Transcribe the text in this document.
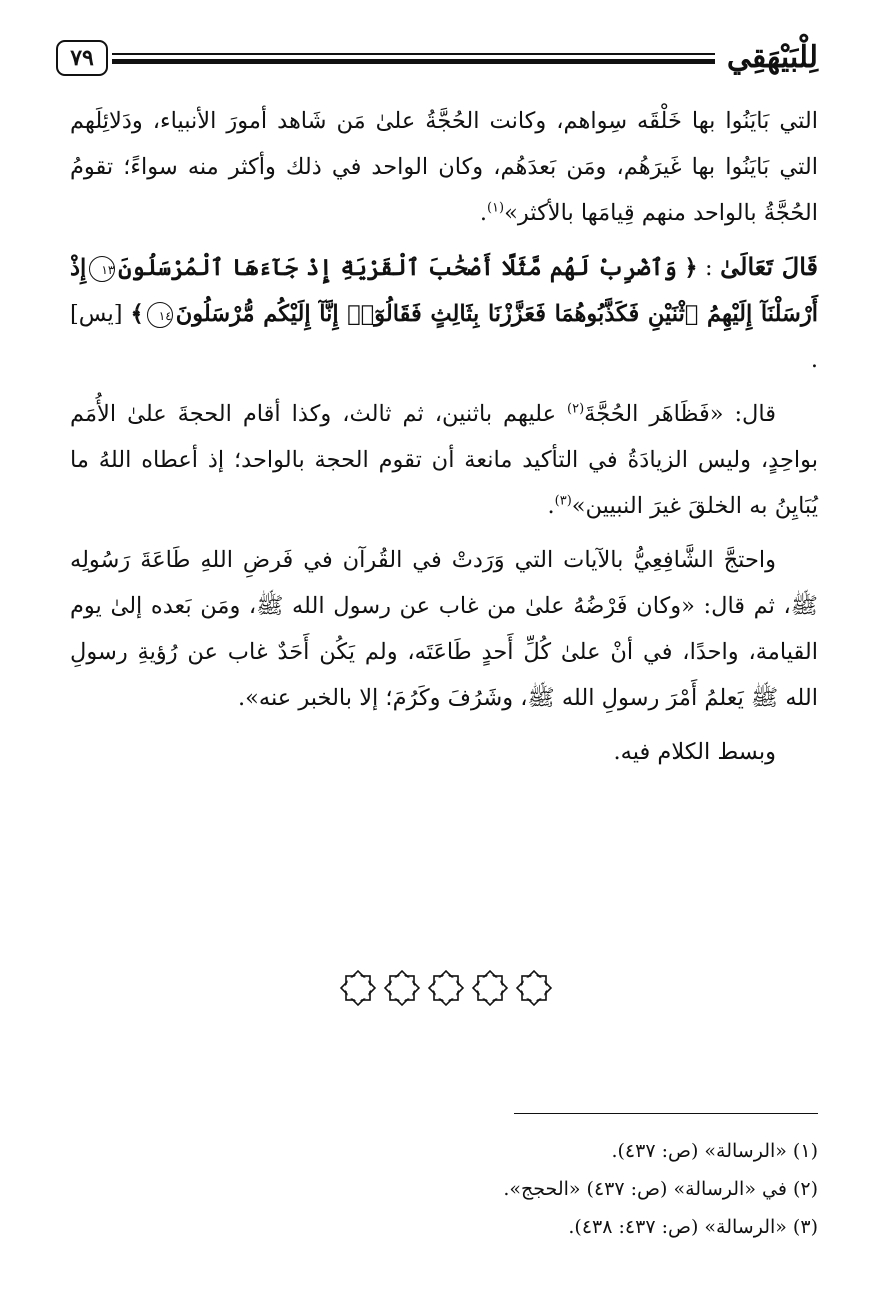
لِلْبَيْهَقِي
٧٩

التي بَايَنُوا بها خَلْقَه سِواهم، وكانت الحُجَّةُ علىٰ مَن شَاهد أمورَ الأنبياء، ودَلائِلَهم التي بَايَنُوا بها غَيرَهُم، ومَن بَعدَهُم، وكان الواحد في ذلك وأكثر منه سواءً؛ تقومُ الحُجَّةُ بالواحد منهم قِيامَها بالأكثر»$^{(١)}$.

قَالَ تَعَالَىٰ : ﴿ وَٱضْرِبْ لَهُم مَّثَلًا أَصْحَٰبَ ٱلْقَرْيَةِ إِذْ جَآءَهَا ٱلْمُرْسَلُونَ١٣إِذْ أَرْسَلْنَآ إِلَيْهِمُ ٱثْنَيْنِ فَكَذَّبُوهُمَا فَعَزَّزْنَا بِثَالِثٍ فَقَالُوٓا۟ إِنَّآ إِلَيْكُم مُّرْسَلُونَ١٤﴾ [يس] .

قال: «فَظَاهَر الحُجَّةَ$^{(٢)}$ عليهم باثنين، ثم ثالث، وكذا أقام الحجةَ علىٰ الأُمَم بواحِدٍ، وليس الزيادَةُ في التأكيد مانعة أن تقوم الحجة بالواحد؛ إذ أعطاه اللهُ ما يُبَايِنُ به الخلقَ غيرَ النبيين»$^{(٣)}$.

واحتجَّ الشَّافِعِيُّ بالآيات التي وَرَدتْ في القُرآن في فَرضِ اللهِ طَاعَةَ رَسُولِه ﷺ، ثم قال: «وكان فَرْضُهُ علىٰ من غاب عن رسول الله ﷺ، ومَن بَعده إلىٰ يوم القيامة، واحدًا، في أنْ علىٰ كُلِّ أَحدٍ طَاعَتَه، ولم يَكُن أَحَدٌ غاب عن رُؤيةِ رسولِ الله ﷺ يَعلمُ أَمْرَ رسولِ الله ﷺ، وشَرُفَ وكَرُمَ؛ إلا بالخبر عنه».

وبسط الكلام فيه.

(١) «الرسالة» (ص: ٤٣٧).

(٢) في «الرسالة» (ص: ٤٣٧) «الحجج».

(٣) «الرسالة» (ص: ٤٣٧: ٤٣٨).
